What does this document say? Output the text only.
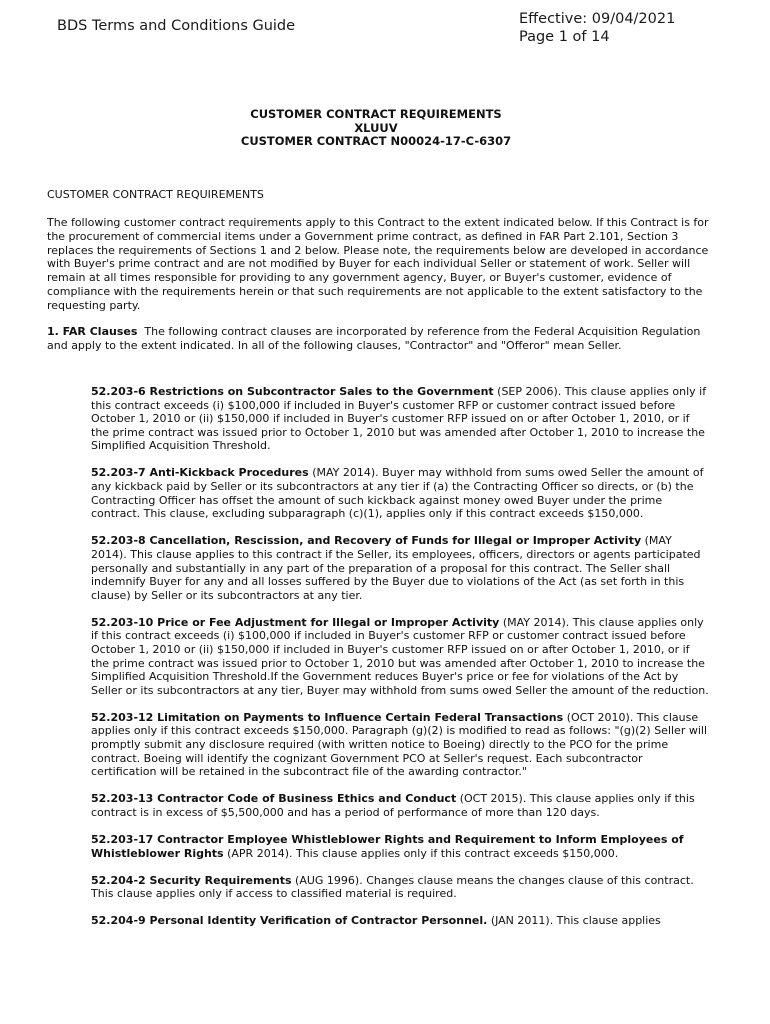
BDS Terms and Conditions Guide	Effective: 09/04/2021
Page 1 of 14
CUSTOMER CONTRACT REQUIREMENTS
XLUUV
CUSTOMER CONTRACT N00024-17-C-6307
CUSTOMER CONTRACT REQUIREMENTS

The following customer contract requirements apply to this Contract to the extent indicated below. If this Contract is for the procurement of commercial items under a Government prime contract, as defined in FAR Part 2.101, Section 3 replaces the requirements of Sections 1 and 2 below. Please note, the requirements below are developed in accordance with Buyer's prime contract and are not modified by Buyer for each individual Seller or statement of work. Seller will remain at all times responsible for providing to any government agency, Buyer, or Buyer's customer, evidence of compliance with the requirements herein or that such requirements are not applicable to the extent satisfactory to the requesting party.

1. FAR Clauses The following contract clauses are incorporated by reference from the Federal Acquisition Regulation and apply to the extent indicated. In all of the following clauses, "Contractor" and "Offeror" mean Seller.

52.203-6 Restrictions on Subcontractor Sales to the Government (SEP 2006). This clause applies only if this contract exceeds (i) $100,000 if included in Buyer's customer RFP or customer contract issued before October 1, 2010 or (ii) $150,000 if included in Buyer's customer RFP issued on or after October 1, 2010, or if the prime contract was issued prior to October 1, 2010 but was amended after October 1, 2010 to increase the Simplified Acquisition Threshold.

52.203-7 Anti-Kickback Procedures (MAY 2014). Buyer may withhold from sums owed Seller the amount of any kickback paid by Seller or its subcontractors at any tier if (a) the Contracting Officer so directs, or (b) the Contracting Officer has offset the amount of such kickback against money owed Buyer under the prime contract. This clause, excluding subparagraph (c)(1), applies only if this contract exceeds $150,000.

52.203-8 Cancellation, Rescission, and Recovery of Funds for Illegal or Improper Activity (MAY 2014). This clause applies to this contract if the Seller, its employees, officers, directors or agents participated personally and substantially in any part of the preparation of a proposal for this contract. The Seller shall indemnify Buyer for any and all losses suffered by the Buyer due to violations of the Act (as set forth in this clause) by Seller or its subcontractors at any tier.

52.203-10 Price or Fee Adjustment for Illegal or Improper Activity (MAY 2014). This clause applies only if this contract exceeds (i) $100,000 if included in Buyer's customer RFP or customer contract issued before October 1, 2010 or (ii) $150,000 if included in Buyer's customer RFP issued on or after October 1, 2010, or if the prime contract was issued prior to October 1, 2010 but was amended after October 1, 2010 to increase the Simplified Acquisition Threshold.If the Government reduces Buyer's price or fee for violations of the Act by Seller or its subcontractors at any tier, Buyer may withhold from sums owed Seller the amount of the reduction.

52.203-12 Limitation on Payments to Influence Certain Federal Transactions (OCT 2010). This clause applies only if this contract exceeds $150,000. Paragraph (g)(2) is modified to read as follows: "(g)(2) Seller will promptly submit any disclosure required (with written notice to Boeing) directly to the PCO for the prime contract. Boeing will identify the cognizant Government PCO at Seller's request. Each subcontractor certification will be retained in the subcontract file of the awarding contractor."

52.203-13 Contractor Code of Business Ethics and Conduct (OCT 2015). This clause applies only if this contract is in excess of $5,500,000 and has a period of performance of more than 120 days.

52.203-17 Contractor Employee Whistleblower Rights and Requirement to Inform Employees of Whistleblower Rights (APR 2014). This clause applies only if this contract exceeds $150,000.

52.204-2 Security Requirements (AUG 1996). Changes clause means the changes clause of this contract. This clause applies only if access to classified material is required.

52.204-9 Personal Identity Verification of Contractor Personnel. (JAN 2011). This clause applies
